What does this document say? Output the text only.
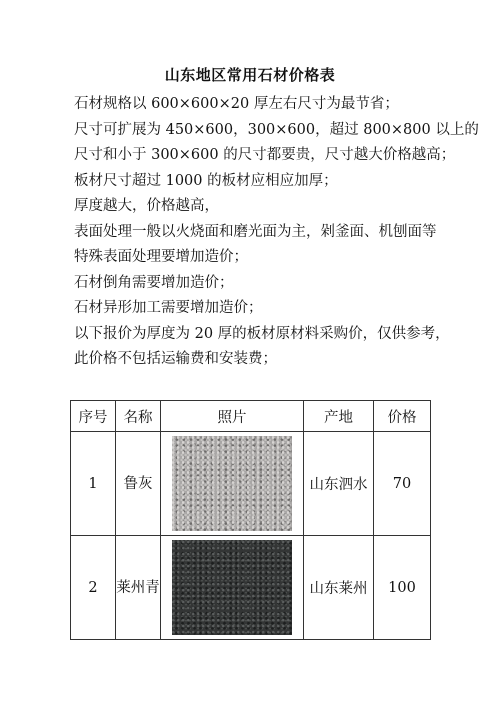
山东地区常用石材价格表
石材规格以 600×600×20 厚左右尺寸为最节省；
尺寸可扩展为 450×600，300×600，超过 800×800 以上的
尺寸和小于 300×600 的尺寸都要贵，尺寸越大价格越高；
板材尺寸超过 1000 的板材应相应加厚；
厚度越大，价格越高，
表面处理一般以火烧面和磨光面为主，剁釜面、机刨面等
特殊表面处理要增加造价；
石材倒角需要增加造价；
石材异形加工需要增加造价；
以下报价为厚度为 20 厚的板材原材料采购价，仅供参考，
此价格不包括运输费和安装费；
序号	名称	照片	产地	价格
1	鲁灰		山东泗水	70
2	莱州青		山东莱州	100
